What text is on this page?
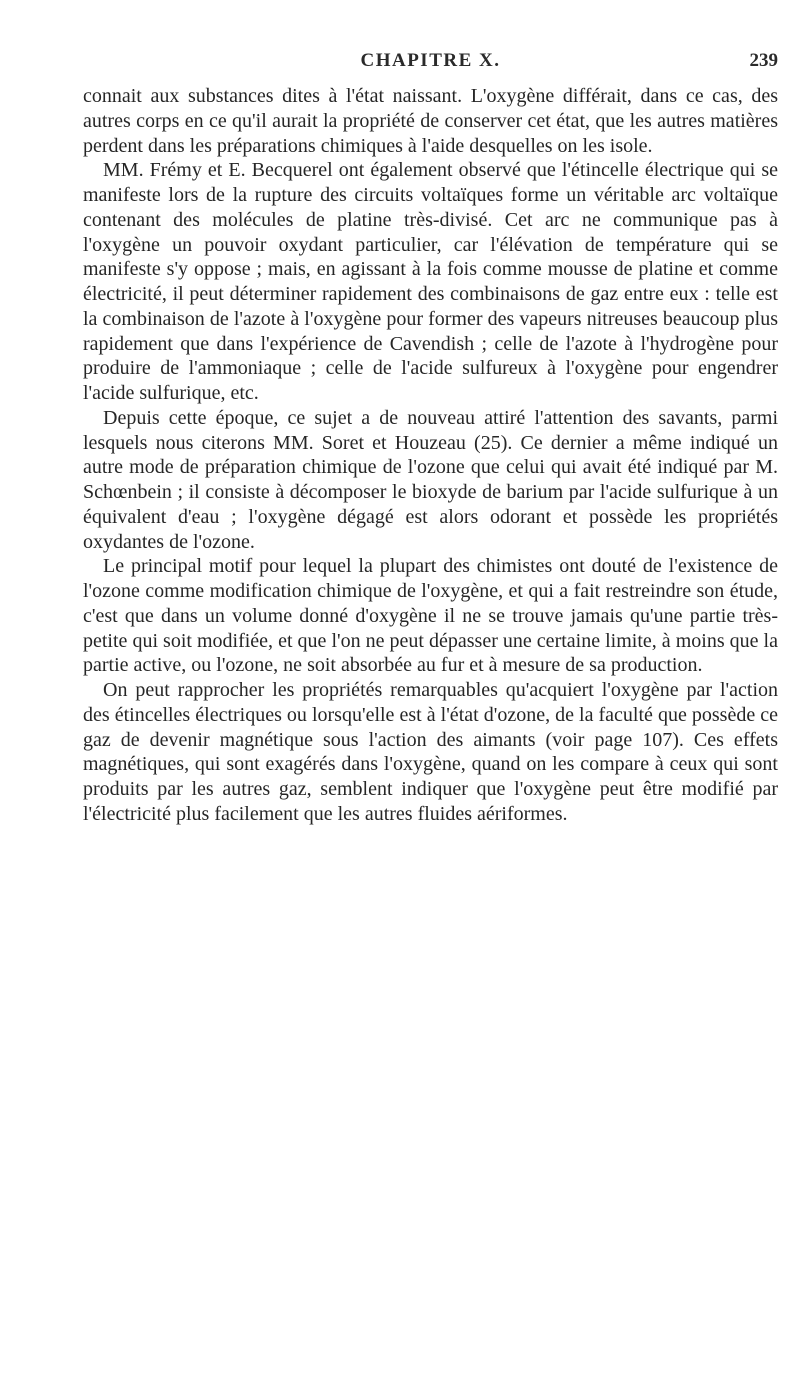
CHAPITRE X.	239

connait aux substances dites à l'état naissant. L'oxygène différait, dans ce cas, des autres corps en ce qu'il aurait la propriété de conserver cet état, que les autres matières perdent dans les préparations chimiques à l'aide desquelles on les isole.

MM. Frémy et E. Becquerel ont également observé que l'étincelle électrique qui se manifeste lors de la rupture des circuits voltaïques forme un véritable arc voltaïque contenant des molécules de platine très-divisé. Cet arc ne communique pas à l'oxygène un pouvoir oxydant particulier, car l'élévation de température qui se manifeste s'y oppose ; mais, en agissant à la fois comme mousse de platine et comme électricité, il peut déterminer rapidement des combinaisons de gaz entre eux : telle est la combinaison de l'azote à l'oxygène pour former des vapeurs nitreuses beaucoup plus rapidement que dans l'expérience de Cavendish ; celle de l'azote à l'hydrogène pour produire de l'ammoniaque ; celle de l'acide sulfureux à l'oxygène pour engendrer l'acide sulfurique, etc.

Depuis cette époque, ce sujet a de nouveau attiré l'attention des savants, parmi lesquels nous citerons MM. Soret et Houzeau (25). Ce dernier a même indiqué un autre mode de préparation chimique de l'ozone que celui qui avait été indiqué par M. Schœnbein ; il consiste à décomposer le bioxyde de barium par l'acide sulfurique à un équivalent d'eau ; l'oxygène dégagé est alors odorant et possède les propriétés oxydantes de l'ozone.

Le principal motif pour lequel la plupart des chimistes ont douté de l'existence de l'ozone comme modification chimique de l'oxygène, et qui a fait restreindre son étude, c'est que dans un volume donné d'oxygène il ne se trouve jamais qu'une partie très-petite qui soit modifiée, et que l'on ne peut dépasser une certaine limite, à moins que la partie active, ou l'ozone, ne soit absorbée au fur et à mesure de sa production.

On peut rapprocher les propriétés remarquables qu'acquiert l'oxygène par l'action des étincelles électriques ou lorsqu'elle est à l'état d'ozone, de la faculté que possède ce gaz de devenir magnétique sous l'action des aimants (voir page 107). Ces effets magnétiques, qui sont exagérés dans l'oxygène, quand on les compare à ceux qui sont produits par les autres gaz, semblent indiquer que l'oxygène peut être modifié par l'électricité plus facilement que les autres fluides aériformes.
